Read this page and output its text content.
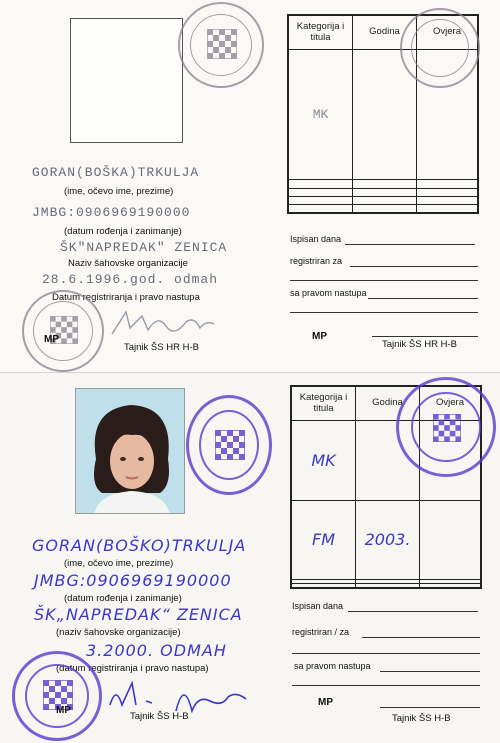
GORAN(BOŠKA)TRKULJA
(ime, očevo ime, prezime)
JMBG:0906969190000
(datum rođenja i zanimanje)
ŠK"NAPREDAK" ZENICA
Naziv šahovske organizacije
28.6.1996.god. odmah
Datum registriranja i pravo nastupa
MP
Tajnik ŠS HR H-B
Kategorija i titula	Godina	Ovjera
MK		

Ispisan dana
registriran za
sa pravom nastupa
MP
Tajnik ŠS HR H-B
GORAN(BOŠKO)TRKULJA
(ime, očevo ime, prezime)
JMBG:0906969190000
(datum rođenja i zanimanje)
ŠK„NAPREDAK“ ZENICA
(naziv šahovske organizacije)
3.2000. ODMAH
(datum registriranja i pravo nastupa)
MP
Tajnik ŠS H-B
Kategorija i titula	Godina	Ovjera
MK		
FM	2003.	

Ispisan dana
registriran / za
sa pravom nastupa
MP
Tajnik ŠS H-B
